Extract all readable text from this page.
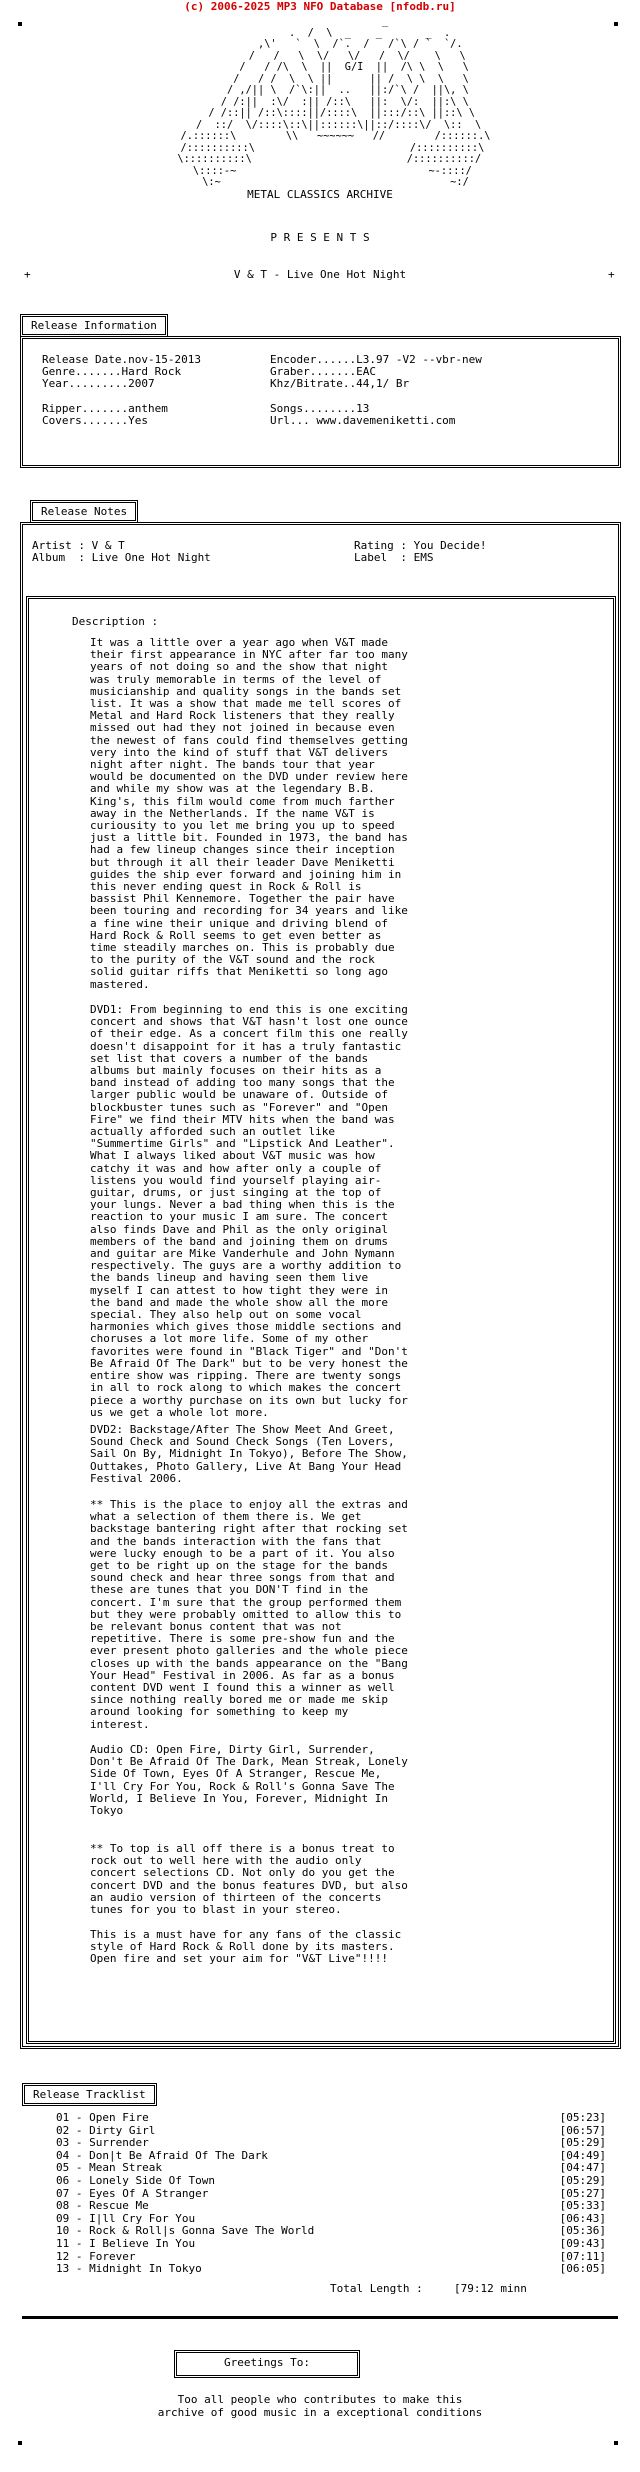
(c) 2006-2025 MP3 NFO Database [nfodb.ru]
_
.  /  \  _    _       _  .
,\'   `  \  /`.  /   /`\ / `  `/.
/   /   \  \/   \/   /  \/    \   \
/   / /\  \  ||  G/I  ||  /\ \  \   \
/   / /  \  \ ||      || /  \ \  \   \
/ ,/|| \  /`\:||  ..   ||:/`\ /  ||\, \
/ /:||  :\/  :|| /::\   ||:  \/:  ||:\ \
/ /::|| /::\::::||/::::\  ||:::/::\ ||::\ \
/  ::/  \/::::\::\||::::::\||::/::::\/  \::  \
/.::::::\        \\   ~~~~~~   //        /::::::.\
/::::::::::\                         /::::::::::\
\::::::::::\                         /::::::::::/
\::::-~                               ~-::::/
\:~                                     ~:/
METAL CLASSICS ARCHIVE
P R E S E N T S
+	V & T - Live One Hot Night	+
Release Information
Release Date.nov-15-2013
Genre.......Hard Rock
Year.........2007
Ripper.......anthem
Covers.......Yes
Encoder......L3.97 -V2 --vbr-new
Graber.......EAC
Khz/Bitrate..44,1/ Br
Songs........13
Url... www.davemeniketti.com
Release Notes
Artist : V & T
Album  : Live One Hot Night
Rating : You Decide!
Label  : EMS
Description :
It was a little over a year ago when V&T made
their first appearance in NYC after far too many
years of not doing so and the show that night
was truly memorable in terms of the level of
musicianship and quality songs in the bands set
list. It was a show that made me tell scores of
Metal and Hard Rock listeners that they really
missed out had they not joined in because even
the newest of fans could find themselves getting
very into the kind of stuff that V&T delivers
night after night. The bands tour that year
would be documented on the DVD under review here
and while my show was at the legendary B.B.
King's, this film would come from much farther
away in the Netherlands. If the name V&T is
curiousity to you let me bring you up to speed
just a little bit. Founded in 1973, the band has
had a few lineup changes since their inception
but through it all their leader Dave Meniketti
guides the ship ever forward and joining him in
this never ending quest in Rock & Roll is
bassist Phil Kennemore. Together the pair have
been touring and recording for 34 years and like
a fine wine their unique and driving blend of
Hard Rock & Roll seems to get even better as
time steadily marches on. This is probably due
to the purity of the V&T sound and the rock
solid guitar riffs that Meniketti so long ago
mastered.
DVD1: From beginning to end this is one exciting
concert and shows that V&T hasn't lost one ounce
of their edge. As a concert film this one really
doesn't disappoint for it has a truly fantastic
set list that covers a number of the bands
albums but mainly focuses on their hits as a
band instead of adding too many songs that the
larger public would be unaware of. Outside of
blockbuster tunes such as "Forever" and "Open
Fire" we find their MTV hits when the band was
actually afforded such an outlet like
"Summertime Girls" and "Lipstick And Leather".
What I always liked about V&T music was how
catchy it was and how after only a couple of
listens you would find yourself playing air-
guitar, drums, or just singing at the top of
your lungs. Never a bad thing when this is the
reaction to your music I am sure. The concert
also finds Dave and Phil as the only original
members of the band and joining them on drums
and guitar are Mike Vanderhule and John Nymann
respectively. The guys are a worthy addition to
the bands lineup and having seen them live
myself I can attest to how tight they were in
the band and made the whole show all the more
special. They also help out on some vocal
harmonies which gives those middle sections and
choruses a lot more life. Some of my other
favorites were found in "Black Tiger" and "Don't
Be Afraid Of The Dark" but to be very honest the
entire show was ripping. There are twenty songs
in all to rock along to which makes the concert
piece a worthy purchase on its own but lucky for
us we get a whole lot more.
DVD2: Backstage/After The Show Meet And Greet,
Sound Check and Sound Check Songs (Ten Lovers,
Sail On By, Midnight In Tokyo), Before The Show,
Outtakes, Photo Gallery, Live At Bang Your Head
Festival 2006.
** This is the place to enjoy all the extras and
what a selection of them there is. We get
backstage bantering right after that rocking set
and the bands interaction with the fans that
were lucky enough to be a part of it. You also
get to be right up on the stage for the bands
sound check and hear three songs from that and
these are tunes that you DON'T find in the
concert. I'm sure that the group performed them
but they were probably omitted to allow this to
be relevant bonus content that was not
repetitive. There is some pre-show fun and the
ever present photo galleries and the whole piece
closes up with the bands appearance on the "Bang
Your Head" Festival in 2006. As far as a bonus
content DVD went I found this a winner as well
since nothing really bored me or made me skip
around looking for something to keep my
interest.
Audio CD: Open Fire, Dirty Girl, Surrender,
Don't Be Afraid Of The Dark, Mean Streak, Lonely
Side Of Town, Eyes Of A Stranger, Rescue Me,
I'll Cry For You, Rock & Roll's Gonna Save The
World, I Believe In You, Forever, Midnight In
Tokyo
** To top is all off there is a bonus treat to
rock out to well here with the audio only
concert selections CD. Not only do you get the
concert DVD and the bonus features DVD, but also
an audio version of thirteen of the concerts
tunes for you to blast in your stereo.
This is a must have for any fans of the classic
style of Hard Rock & Roll done by its masters.
Open fire and set your aim for "V&T Live"!!!!
Release Tracklist
01 - Open Fire	[05:23]
02 - Dirty Girl	[06:57]
03 - Surrender	[05:29]
04 - Don|t Be Afraid Of The Dark	[04:49]
05 - Mean Streak	[04:47]
06 - Lonely Side Of Town	[05:29]
07 - Eyes Of A Stranger	[05:27]
08 - Rescue Me	[05:33]
09 - I|ll Cry For You	[06:43]
10 - Rock & Roll|s Gonna Save The World	[05:36]
11 - I Believe In You	[09:43]
12 - Forever	[07:11]
13 - Midnight In Tokyo	[06:05]
Total Length :	[79:12 minn
Greetings To:
Too all people who contributes to make this
archive of good music in a exceptional conditions
